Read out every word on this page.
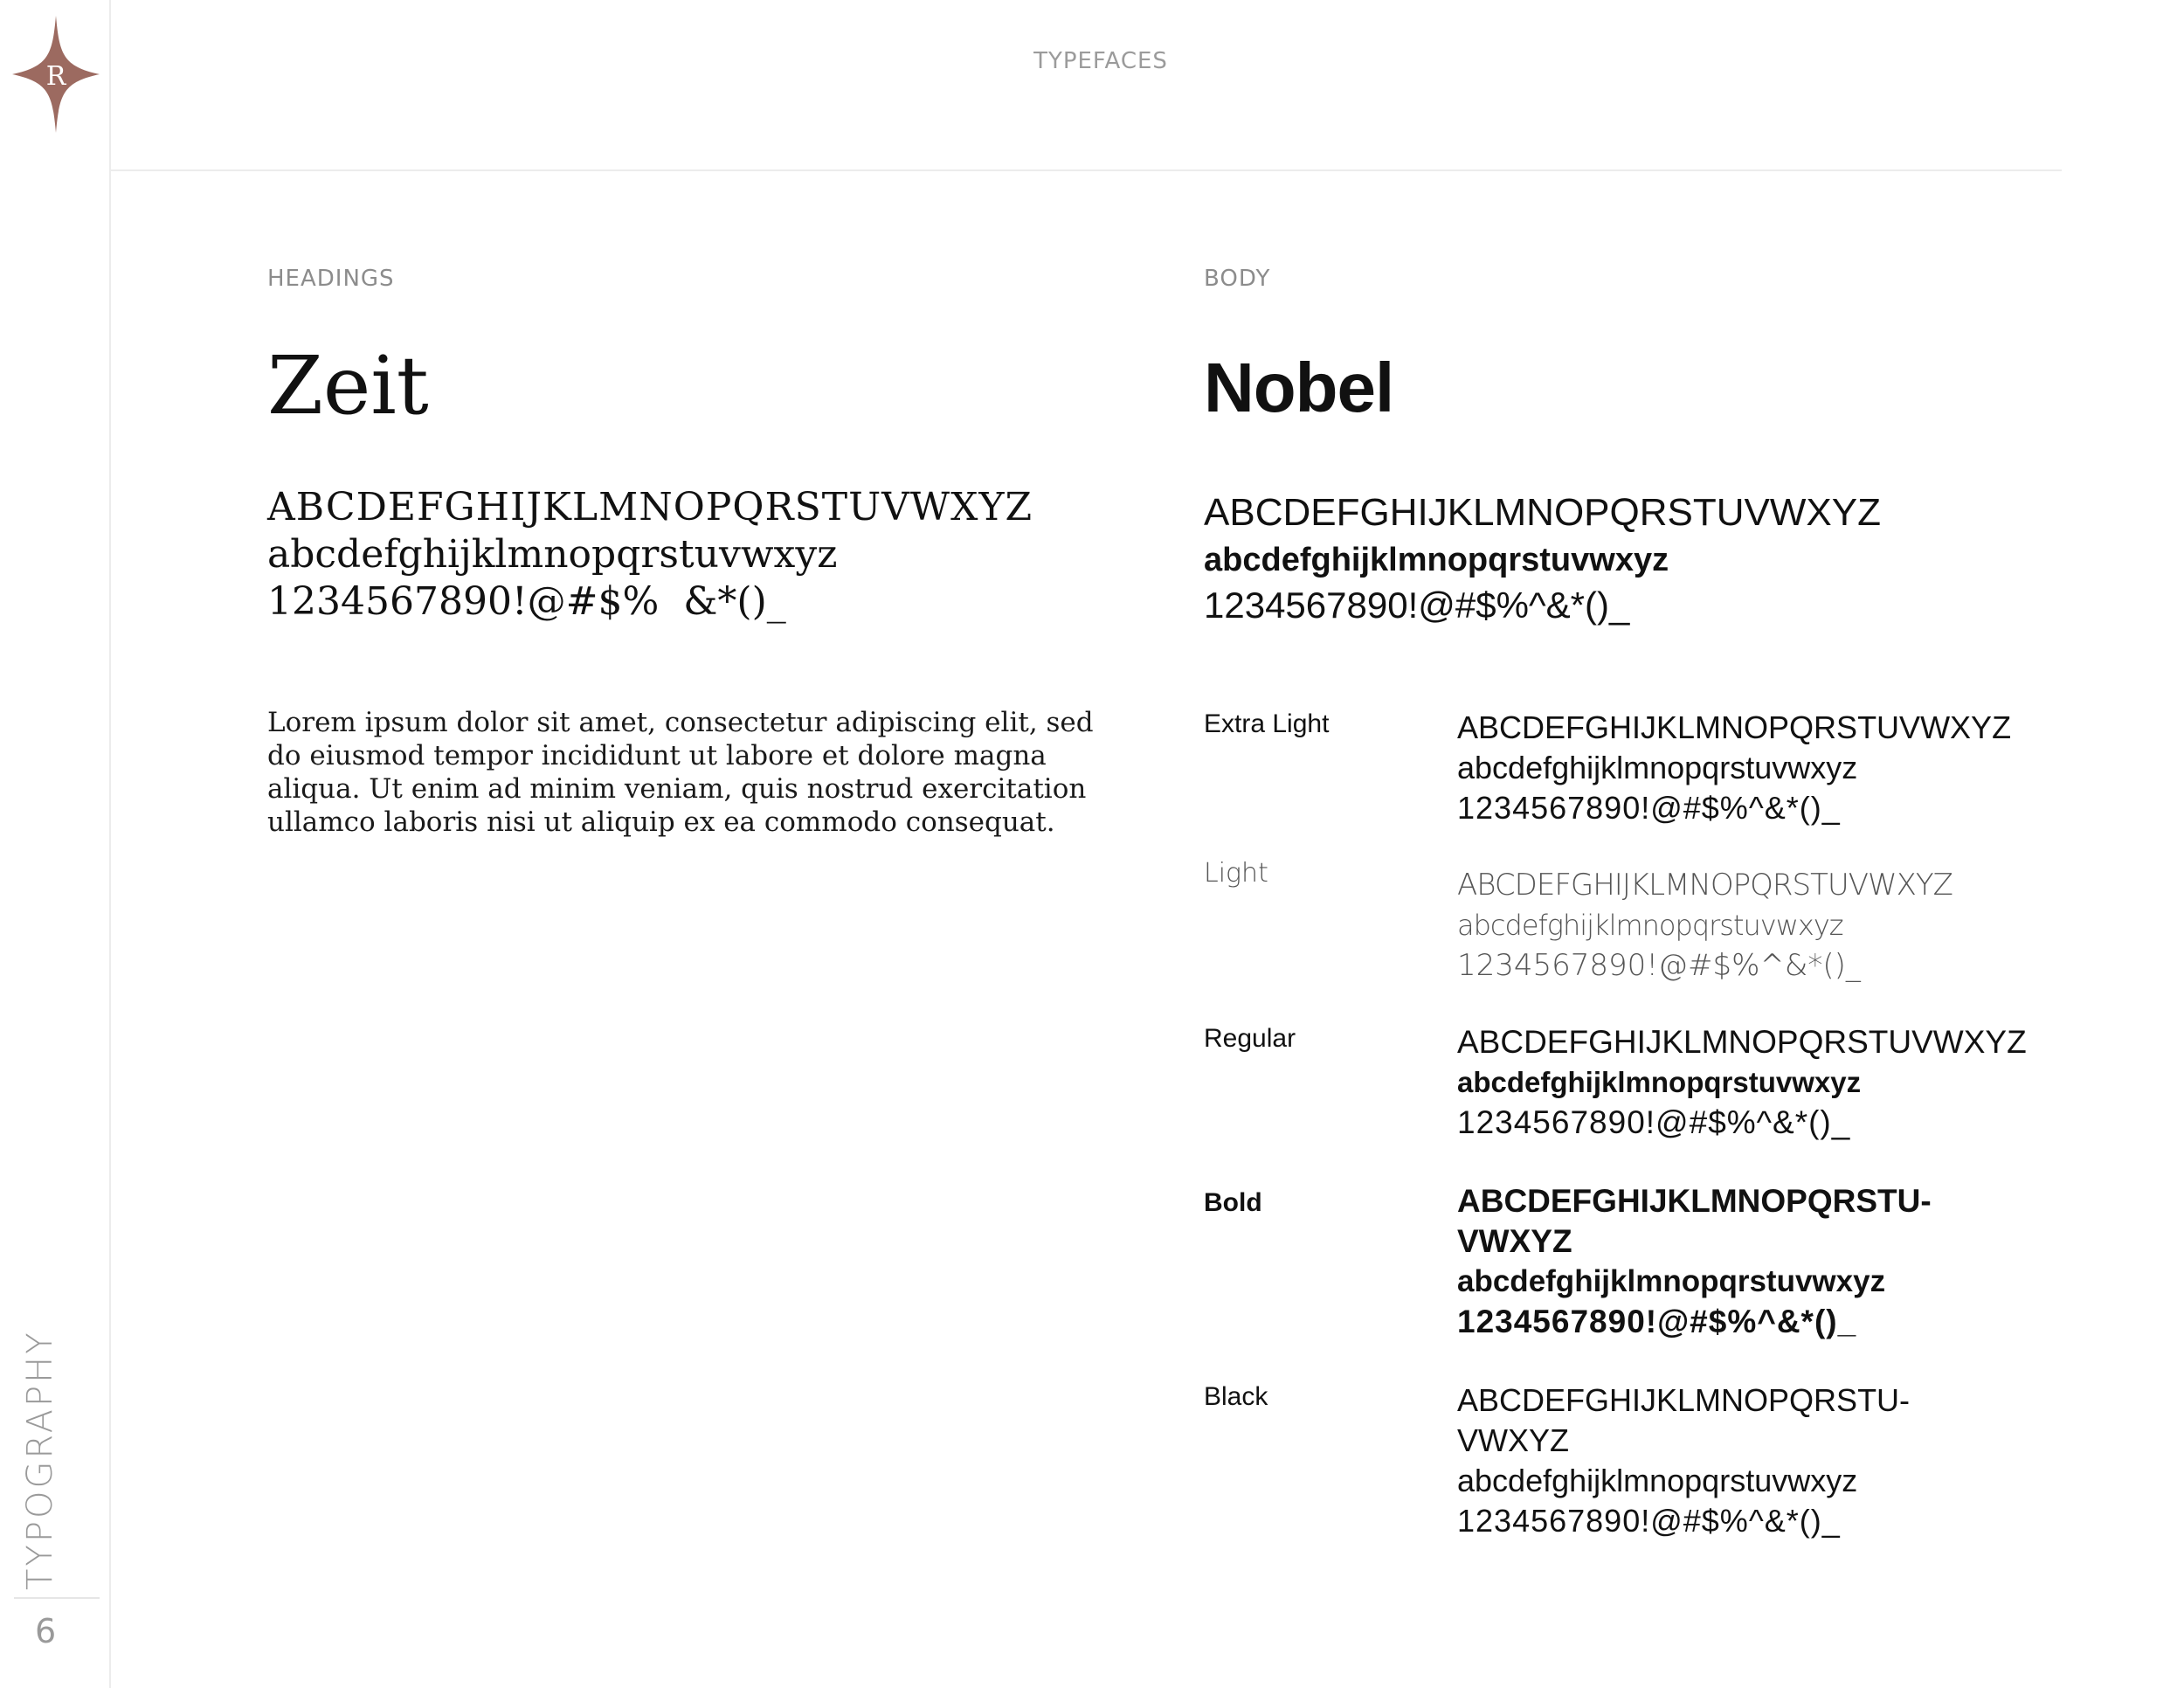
R
TYPOGRAPHY
6
TYPEFACES
HEADINGS
Zeit
ABCDEFGHIJKLMNOPQRSTUVWXYZ
abcdefghijklmnopqrstuvwxyz
1234567890!@#$%  &*()_
Lorem ipsum dolor sit amet, consectetur adipiscing elit, sed do eiusmod tempor incididunt ut labore et dolore magna aliqua. Ut enim ad minim veniam, quis nostrud exercitation ullamco laboris nisi ut aliquip ex ea commodo consequat.
BODY
Nobel
ABCDEFGHIJKLMNOPQRSTUVWXYZ
abcdefghijklmnopqrstuvwxyz
1234567890!@#$%^&*()_
Extra Light	ABCDEFGHIJKLMNOPQRSTUVWXYZ
abcdefghijklmnopqrstuvwxyz
1234567890!@#$%^&*()_
Light	ABCDEFGHIJKLMNOPQRSTUVWXYZ
abcdefghijklmnopqrstuvwxyz
1234567890!@#$%^&*()_
Regular	ABCDEFGHIJKLMNOPQRSTUVWXYZ
abcdefghijklmnopqrstuvwxyz
1234567890!@#$%^&*()_
Bold	ABCDEFGHIJKLMNOPQRSTU-
VWXYZ
abcdefghijklmnopqrstuvwxyz
1234567890!@#$%^&*()_
Black	ABCDEFGHIJKLMNOPQRSTU-
VWXYZ
abcdefghijklmnopqrstuvwxyz
1234567890!@#$%^&*()_
